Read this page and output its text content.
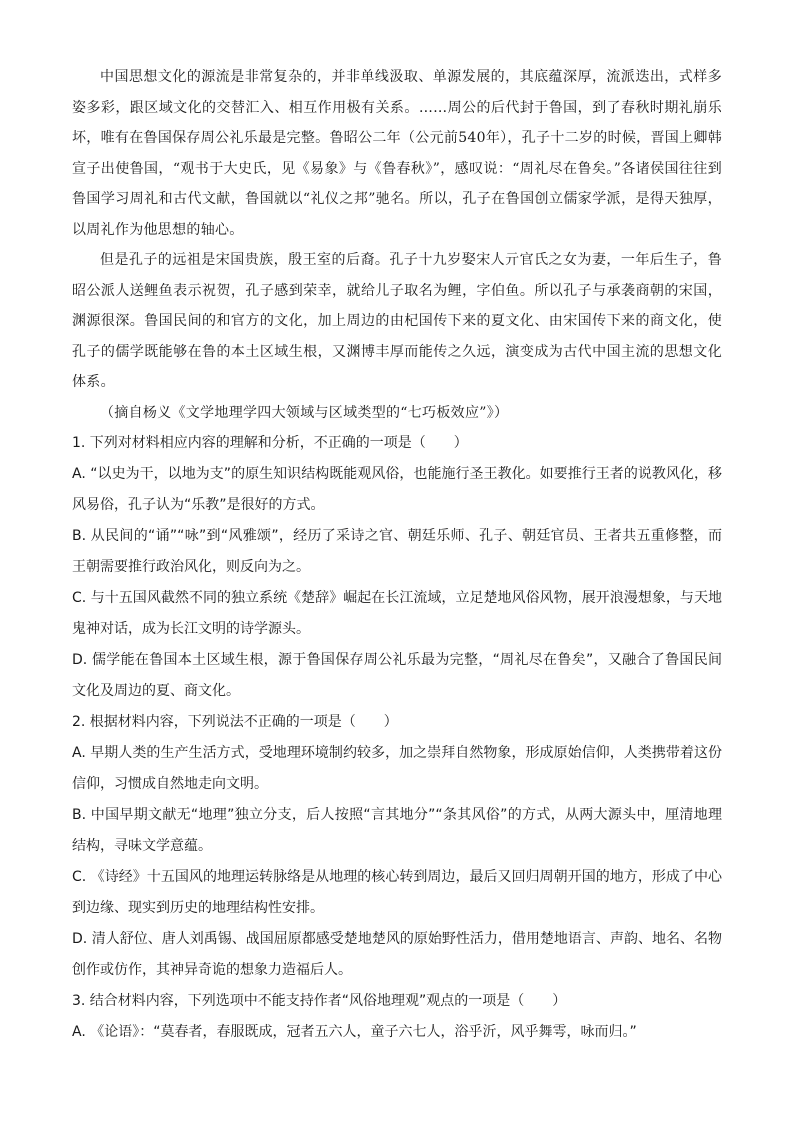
中国思想文化的源流是非常复杂的，并非单线汲取、单源发展的，其底蕴深厚，流派迭出，式样多姿多彩，跟区域文化的交替汇入、相互作用极有关系。……周公的后代封于鲁国，到了春秋时期礼崩乐坏，唯有在鲁国保存周公礼乐最是完整。鲁昭公二年（公元前540年），孔子十二岁的时候，晋国上卿韩宣子出使鲁国，“观书于大史氏，见《易象》与《鲁春秋》”，感叹说：“周礼尽在鲁矣。”各诸侯国往往到鲁国学习周礼和古代文献，鲁国就以“礼仪之邦”驰名。所以，孔子在鲁国创立儒家学派，是得天独厚，以周礼作为他思想的轴心。

但是孔子的远祖是宋国贵族，殷王室的后裔。孔子十九岁娶宋人亓官氏之女为妻，一年后生子，鲁昭公派人送鲤鱼表示祝贺，孔子感到荣幸，就给儿子取名为鲤，字伯鱼。所以孔子与承袭商朝的宋国，渊源很深。鲁国民间的和官方的文化，加上周边的由杞国传下来的夏文化、由宋国传下来的商文化，使孔子的儒学既能够在鲁的本土区域生根，又渊博丰厚而能传之久远，演变成为古代中国主流的思想文化体系。

（摘自杨义《文学地理学四大领域与区域类型的“七巧板效应”》）

1. 下列对材料相应内容的理解和分析，不正确的一项是（　　）

A. “以史为干，以地为支”的原生知识结构既能观风俗，也能施行圣王教化。如要推行王者的说教风化，移风易俗，孔子认为“乐教”是很好的方式。

B. 从民间的“诵”“咏”到“风雅颂”，经历了采诗之官、朝廷乐师、孔子、朝廷官员、王者共五重修整，而王朝需要推行政治风化，则反向为之。

C. 与十五国风截然不同的独立系统《楚辞》崛起在长江流域，立足楚地风俗风物，展开浪漫想象，与天地鬼神对话，成为长江文明的诗学源头。

D. 儒学能在鲁国本土区域生根，源于鲁国保存周公礼乐最为完整，“周礼尽在鲁矣”，又融合了鲁国民间文化及周边的夏、商文化。

2. 根据材料内容，下列说法不正确的一项是（　　）

A. 早期人类的生产生活方式，受地理环境制约较多，加之崇拜自然物象，形成原始信仰，人类携带着这份信仰，习惯成自然地走向文明。

B. 中国早期文献无“地理”独立分支，后人按照“言其地分”“条其风俗”的方式，从两大源头中，厘清地理结构，寻味文学意蕴。

C. 《诗经》十五国风的地理运转脉络是从地理的核心转到周边，最后又回归周朝开国的地方，形成了中心到边缘、现实到历史的地理结构性安排。

D. 清人舒位、唐人刘禹锡、战国屈原都感受楚地楚风的原始野性活力，借用楚地语言、声韵、地名、名物创作或仿作，其神异奇诡的想象力造福后人。

3. 结合材料内容，下列选项中不能支持作者“风俗地理观”观点的一项是（　　）

A. 《论语》：“莫春者，春服既成，冠者五六人，童子六七人，浴乎沂，风乎舞雩，咏而归。”
